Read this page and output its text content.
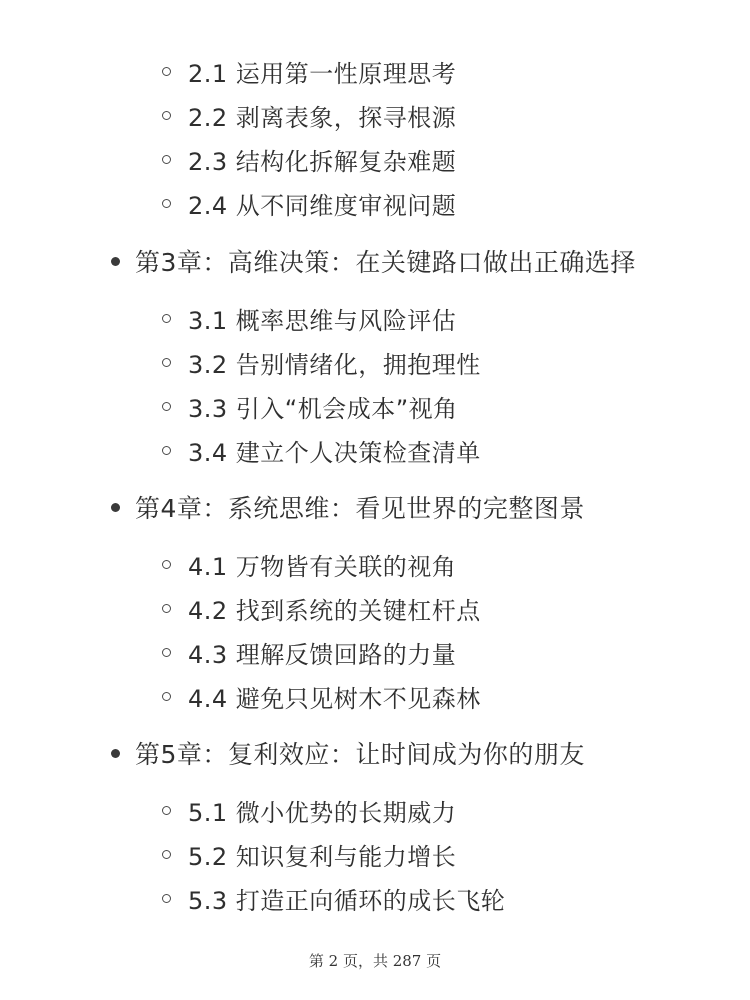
2.1 运用第一性原理思考
2.2 剥离表象，探寻根源
2.3 结构化拆解复杂难题
2.4 从不同维度审视问题
第3章：高维决策：在关键路口做出正确选择
3.1 概率思维与风险评估
3.2 告别情绪化，拥抱理性
3.3 引入“机会成本”视角
3.4 建立个人决策检查清单
第4章：系统思维：看见世界的完整图景
4.1 万物皆有关联的视角
4.2 找到系统的关键杠杆点
4.3 理解反馈回路的力量
4.4 避免只见树木不见森林
第5章：复利效应：让时间成为你的朋友
5.1 微小优势的长期威力
5.2 知识复利与能力增长
5.3 打造正向循环的成长飞轮
第 2 页，共 287 页
